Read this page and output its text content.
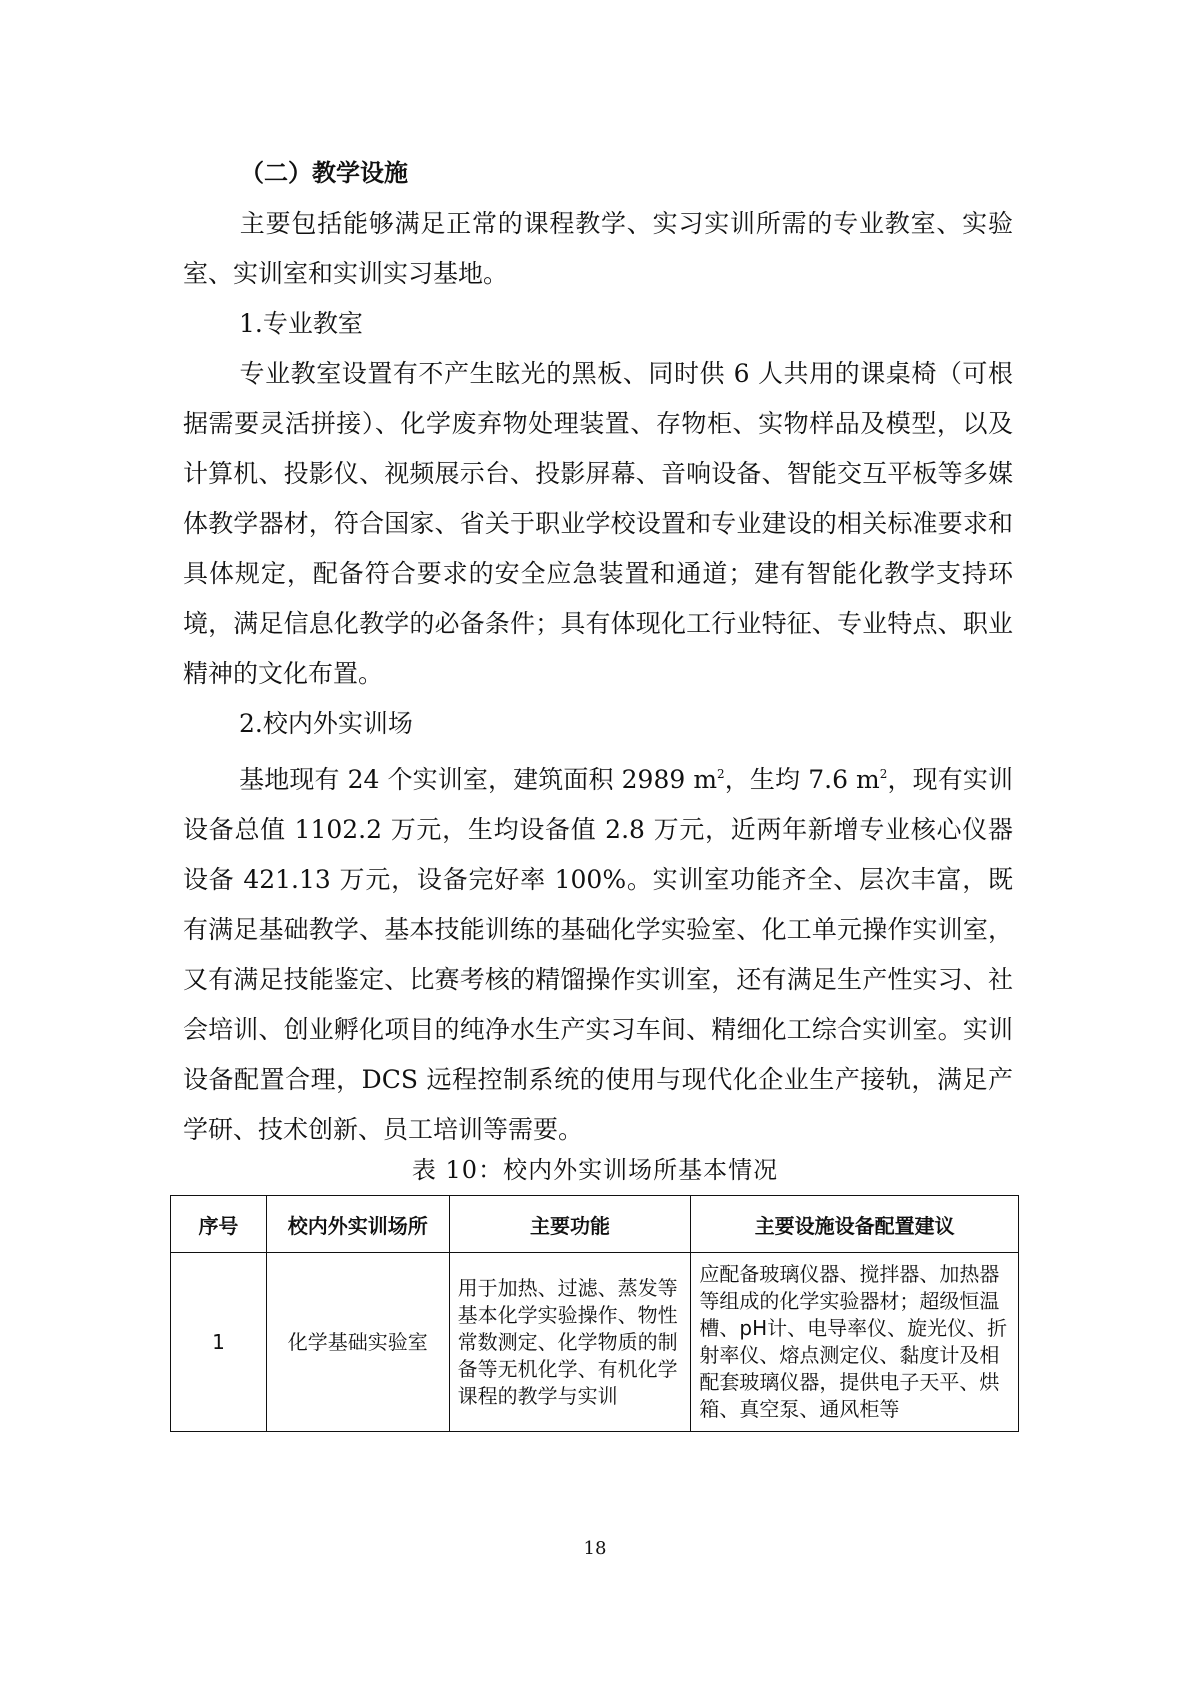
（二）教学设施

主要包括能够满足正常的课程教学、实习实训所需的专业教室、实验室、实训室和实训实习基地。

1.专业教室

专业教室设置有不产生眩光的黑板、同时供 6 人共用的课桌椅（可根据需要灵活拼接）、化学废弃物处理装置、存物柜、实物样品及模型，以及计算机、投影仪、视频展示台、投影屏幕、音响设备、智能交互平板等多媒体教学器材，符合国家、省关于职业学校设置和专业建设的相关标准要求和具体规定，配备符合要求的安全应急装置和通道；建有智能化教学支持环境，满足信息化教学的必备条件；具有体现化工行业特征、专业特点、职业精神的文化布置。

2.校内外实训场

基地现有 24 个实训室，建筑面积 2989 $m^2$，生均 7.6 $m^2$，现有实训设备总值 1102.2 万元，生均设备值 2.8 万元，近两年新增专业核心仪器设备 421.13 万元，设备完好率 100%。实训室功能齐全、层次丰富，既有满足基础教学、基本技能训练的基础化学实验室、化工单元操作实训室，又有满足技能鉴定、比赛考核的精馏操作实训室，还有满足生产性实习、社会培训、创业孵化项目的纯净水生产实习车间、精细化工综合实训室。实训设备配置合理，DCS 远程控制系统的使用与现代化企业生产接轨，满足产学研、技术创新、员工培训等需要。

表 10：校内外实训场所基本情况
序号	校内外实训场所	主要功能	主要设施设备配置建议
1	化学基础实验室	用于加热、过滤、蒸发等基本化学实验操作、物性常数测定、化学物质的制备等无机化学、有机化学课程的教学与实训	应配备玻璃仪器、搅拌器、加热器等组成的化学实验器材；超级恒温槽、pH计、电导率仪、旋光仪、折射率仪、熔点测定仪、黏度计及相配套玻璃仪器，提供电子天平、烘箱、真空泵、通风柜等
18
